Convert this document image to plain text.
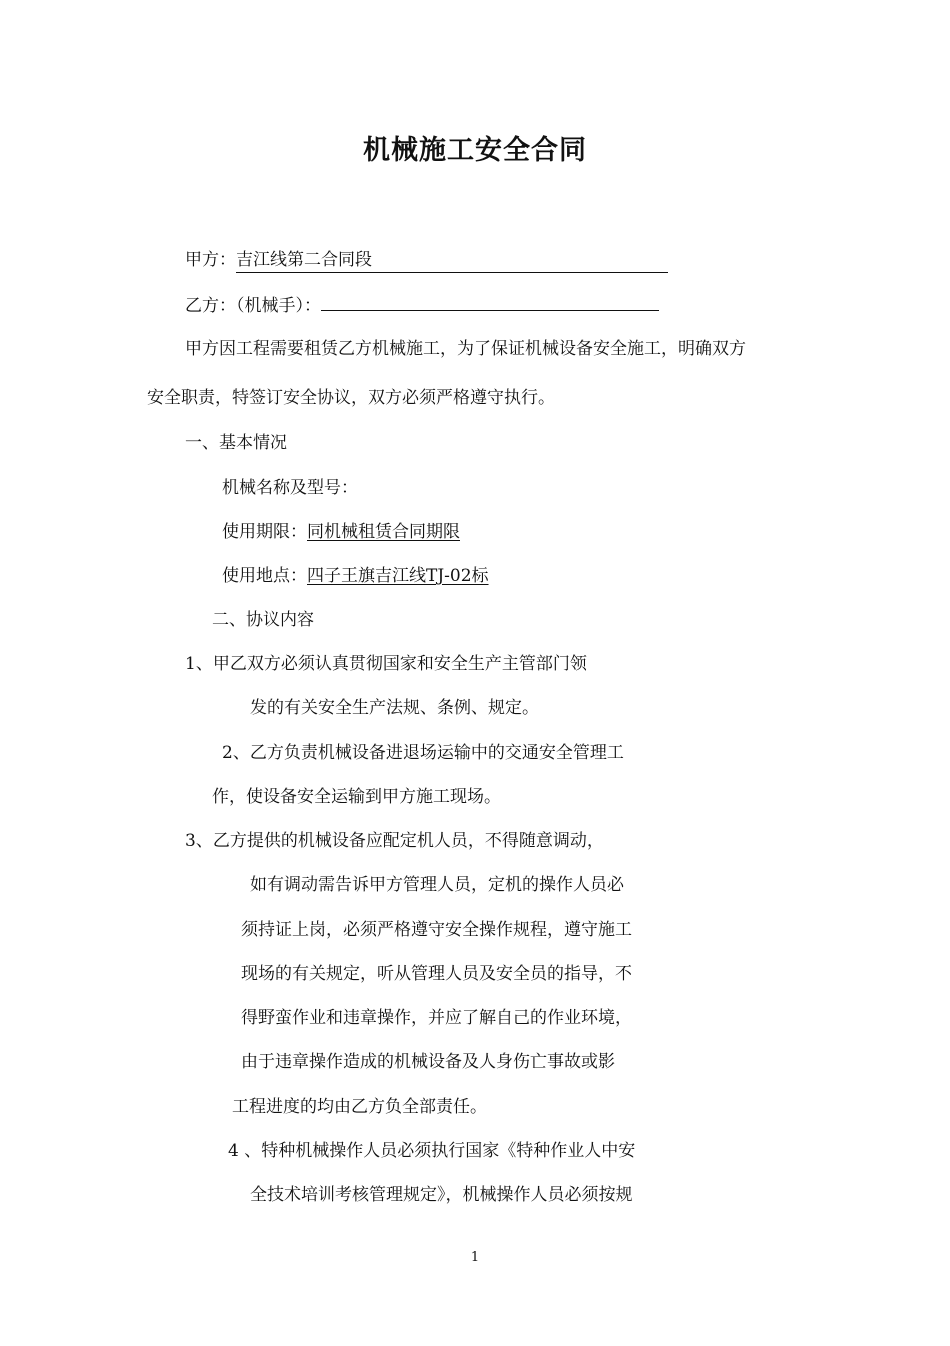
机械施工安全合同
甲方：吉江线第二合同段
乙方：（机械手）：
甲方因工程需要租赁乙方机械施工，为了保证机械设备安全施工，明确双方
安全职责，特签订安全协议，双方必须严格遵守执行。
一、基本情况
机械名称及型号：
使用期限：同机械租赁合同期限
使用地点：四子王旗吉江线TJ-02标
二、协议内容
1、甲乙双方必须认真贯彻国家和安全生产主管部门领
发的有关安全生产法规、条例、规定。
2、乙方负责机械设备进退场运输中的交通安全管理工
作，使设备安全运输到甲方施工现场。
3、乙方提供的机械设备应配定机人员，不得随意调动，
如有调动需告诉甲方管理人员，定机的操作人员必
须持证上岗，必须严格遵守安全操作规程，遵守施工
现场的有关规定，听从管理人员及安全员的指导，不
得野蛮作业和违章操作，并应了解自己的作业环境，
由于违章操作造成的机械设备及人身伤亡事故或影
工程进度的均由乙方负全部责任。
4 、特种机械操作人员必须执行国家《特种作业人中安
全技术培训考核管理规定》，机械操作人员必须按规
1
